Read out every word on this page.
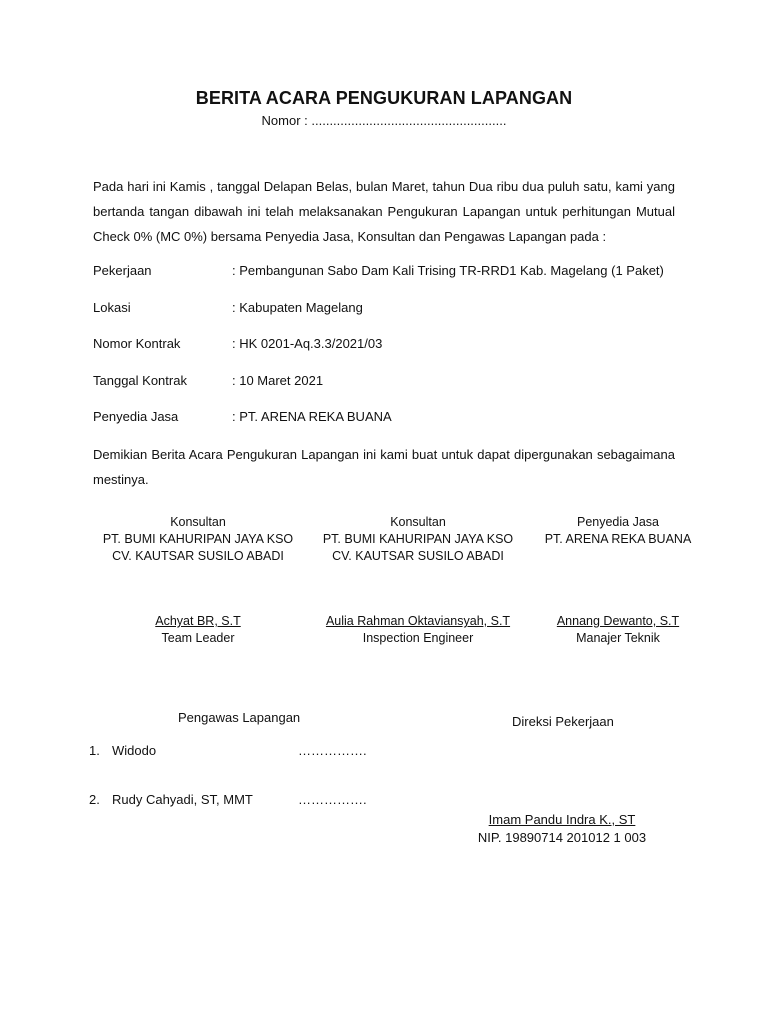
BERITA ACARA PENGUKURAN LAPANGAN
Nomor : ......................................................
Pada hari ini Kamis , tanggal Delapan Belas, bulan Maret, tahun Dua ribu dua puluh satu, kami yang bertanda tangan dibawah ini telah melaksanakan Pengukuran Lapangan untuk perhitungan Mutual Check 0% (MC 0%) bersama Penyedia Jasa, Konsultan dan Pengawas Lapangan pada :
Pekerjaan	: Pembangunan Sabo Dam Kali Trising TR-RRD1 Kab. Magelang (1 Paket)
Lokasi	: Kabupaten Magelang
Nomor Kontrak	: HK 0201-Aq.3.3/2021/03
Tanggal Kontrak	: 10 Maret 2021
Penyedia Jasa	: PT. ARENA REKA BUANA
Demikian Berita Acara Pengukuran Lapangan ini kami buat untuk dapat dipergunakan sebagaimana mestinya.
Konsultan
PT. BUMI KAHURIPAN JAYA KSO
CV. KAUTSAR SUSILO ABADI
Achyat BR, S.T
Team Leader
Konsultan
PT. BUMI KAHURIPAN JAYA KSO
CV. KAUTSAR SUSILO ABADI
Aulia Rahman Oktaviansyah, S.T
Inspection Engineer
Penyedia Jasa
PT. ARENA REKA BUANA
Annang Dewanto, S.T
Manajer Teknik
Pengawas Lapangan
1. Widodo	…………….
2. Rudy Cahyadi, ST, MMT	…………….
Direksi Pekerjaan
Imam Pandu Indra K., ST
NIP. 19890714 201012 1 003
